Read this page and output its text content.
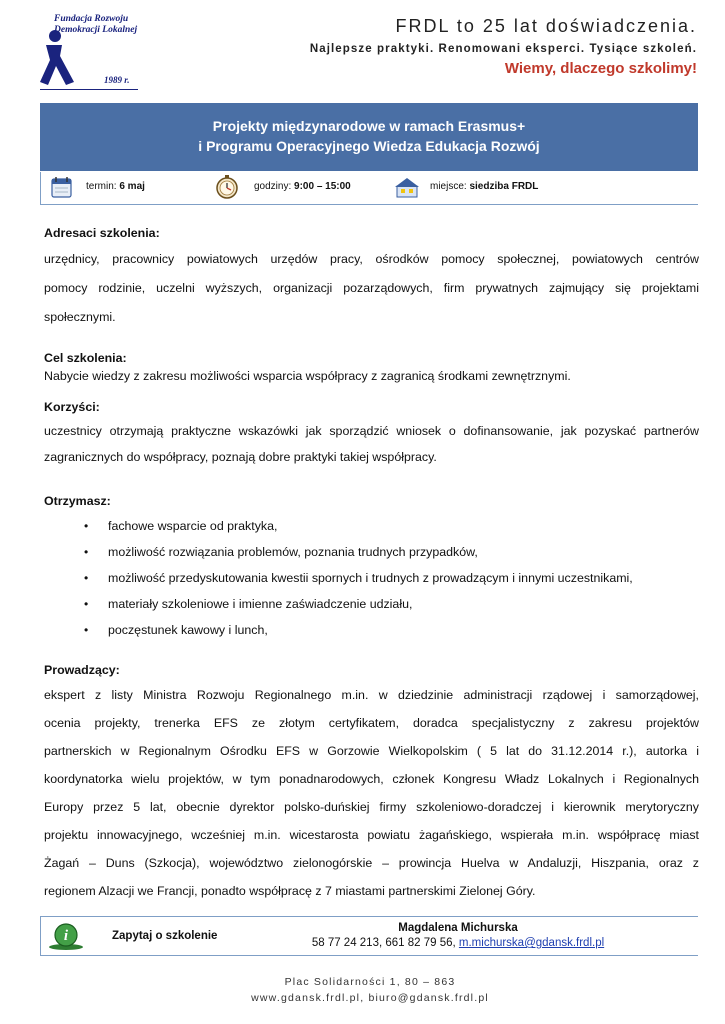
Fundacja Rozwoju
Demokracji Lokalnej
1989 r.
FRDL to 25 lat doświadczenia.
Najlepsze praktyki. Renomowani eksperci. Tysiące szkoleń.
Wiemy, dlaczego szkolimy!
Projekty międzynarodowe w ramach Erasmus+
i Programu Operacyjnego Wiedza Edukacja Rozwój
termin: 6 maj	godziny: 9:00 – 15:00	miejsce: siedziba FRDL
Adresaci szkolenia:
urzędnicy, pracownicy powiatowych urzędów pracy, ośrodków pomocy społecznej, powiatowych centrów
pomocy rodzinie, uczelni wyższych, organizacji pozarządowych, firm prywatnych zajmujący się projektami
społecznymi.
Cel szkolenia:
Nabycie wiedzy z zakresu możliwości wsparcia współpracy z zagranicą środkami zewnętrznymi.
Korzyści:
uczestnicy otrzymają praktyczne wskazówki jak sporządzić wniosek o dofinansowanie, jak pozyskać partnerów
zagranicznych do współpracy, poznają dobre praktyki takiej współpracy.
Otrzymasz:
• fachowe wsparcie od praktyka,
• możliwość rozwiązania problemów, poznania trudnych przypadków,
• możliwość przedyskutowania kwestii spornych i trudnych z prowadzącym i innymi uczestnikami,
• materiały szkoleniowe i imienne zaświadczenie udziału,
• poczęstunek kawowy i lunch,
Prowadzący:
ekspert z listy Ministra Rozwoju Regionalnego m.in. w dziedzinie administracji rządowej i samorządowej,
ocenia projekty, trenerka EFS ze złotym certyfikatem, doradca specjalistyczny z zakresu projektów
partnerskich w Regionalnym Ośrodku EFS w Gorzowie Wielkopolskim ( 5 lat do 31.12.2014 r.), autorka i
koordynatorka wielu projektów, w tym ponadnarodowych, członek Kongresu Władz Lokalnych i Regionalnych
Europy przez 5 lat, obecnie dyrektor polsko-duńskiej firmy szkoleniowo-doradczej i kierownik merytoryczny
projektu innowacyjnego, wcześniej m.in. wicestarosta powiatu żagańskiego, wspierała m.in. współpracę miast
Żagań – Duns (Szkocja), województwo zielonogórskie – prowincja Huelva w Andaluzji, Hiszpania, oraz z
regionem Alzacji we Francji, ponadto współpracę z 7 miastami partnerskimi Zielonej Góry.
i	Zapytaj o szkolenie
Magdalena Michurska
58 77 24 213, 661 82 79 56, m.michurska@gdansk.frdl.pl
Plac Solidarności 1, 80 – 863
www.gdansk.frdl.pl, biuro@gdansk.frdl.pl
